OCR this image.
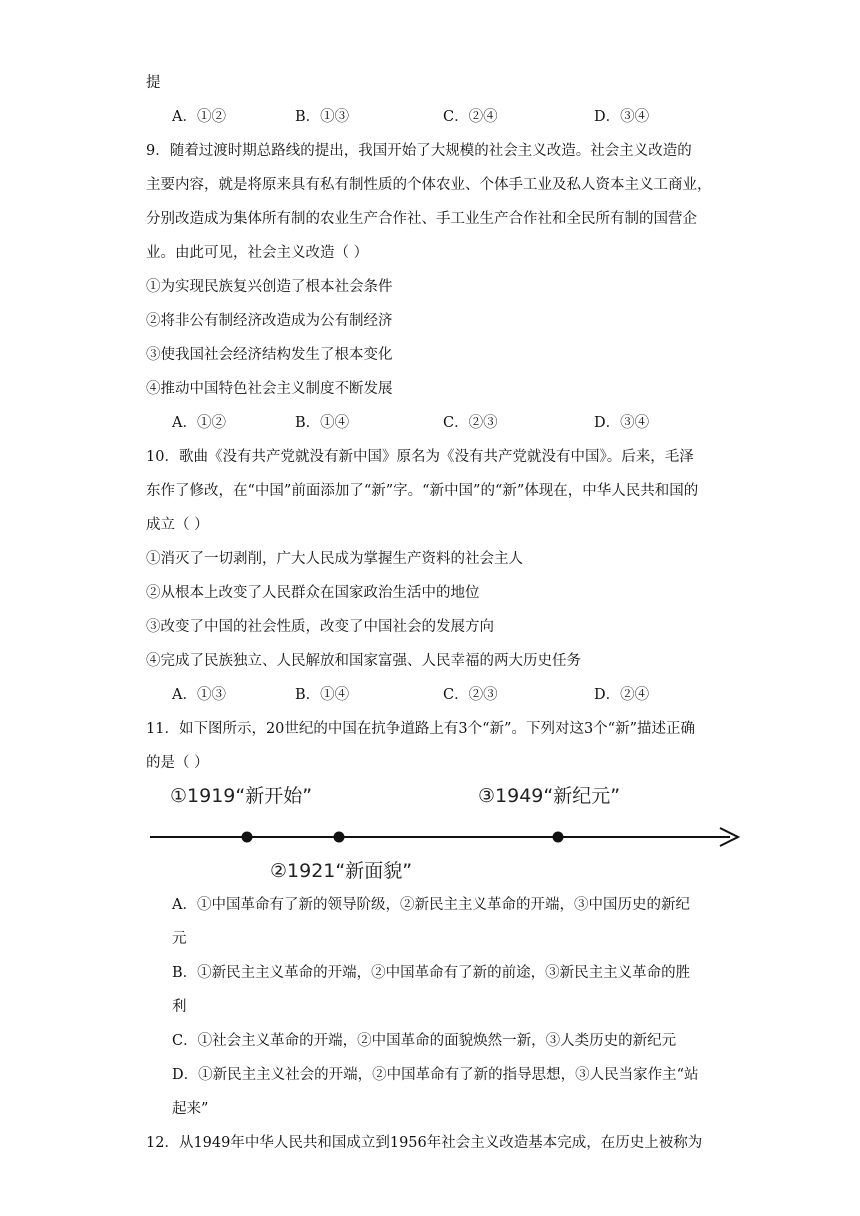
提
A．①②	B．①③	C．②④	D．③④
9．随着过渡时期总路线的提出，我国开始了大规模的社会主义改造。社会主义改造的
主要内容，就是将原来具有私有制性质的个体农业、个体手工业及私人资本主义工商业，
分别改造成为集体所有制的农业生产合作社、手工业生产合作社和全民所有制的国营企
业。由此可见，社会主义改造（ ）
①为实现民族复兴创造了根本社会条件
②将非公有制经济改造成为公有制经济
③使我国社会经济结构发生了根本变化
④推动中国特色社会主义制度不断发展
A．①②	B．①④	C．②③	D．③④
10．歌曲《没有共产党就没有新中国》原名为《没有共产党就没有中国》。后来，毛泽
东作了修改，在“中国”前面添加了“新”字。“新中国”的“新”体现在，中华人民共和国的
成立（ ）
①消灭了一切剥削，广大人民成为掌握生产资料的社会主人
②从根本上改变了人民群众在国家政治生活中的地位
③改变了中国的社会性质，改变了中国社会的发展方向
④完成了民族独立、人民解放和国家富强、人民幸福的两大历史任务
A．①③	B．①④	C．②③	D．②④
11．如下图所示，20世纪的中国在抗争道路上有3个“新”。下列对这3个“新”描述正确
的是（ ）
①1919“新开始”	③1949“新纪元”
②1921“新面貌”
A．①中国革命有了新的领导阶级，②新民主主义革命的开端，③中国历史的新纪
元
B．①新民主主义革命的开端，②中国革命有了新的前途，③新民主主义革命的胜
利
C．①社会主义革命的开端，②中国革命的面貌焕然一新，③人类历史的新纪元
D．①新民主主义社会的开端，②中国革命有了新的指导思想，③人民当家作主“站
起来”
12．从1949年中华人民共和国成立到1956年社会主义改造基本完成，在历史上被称为
